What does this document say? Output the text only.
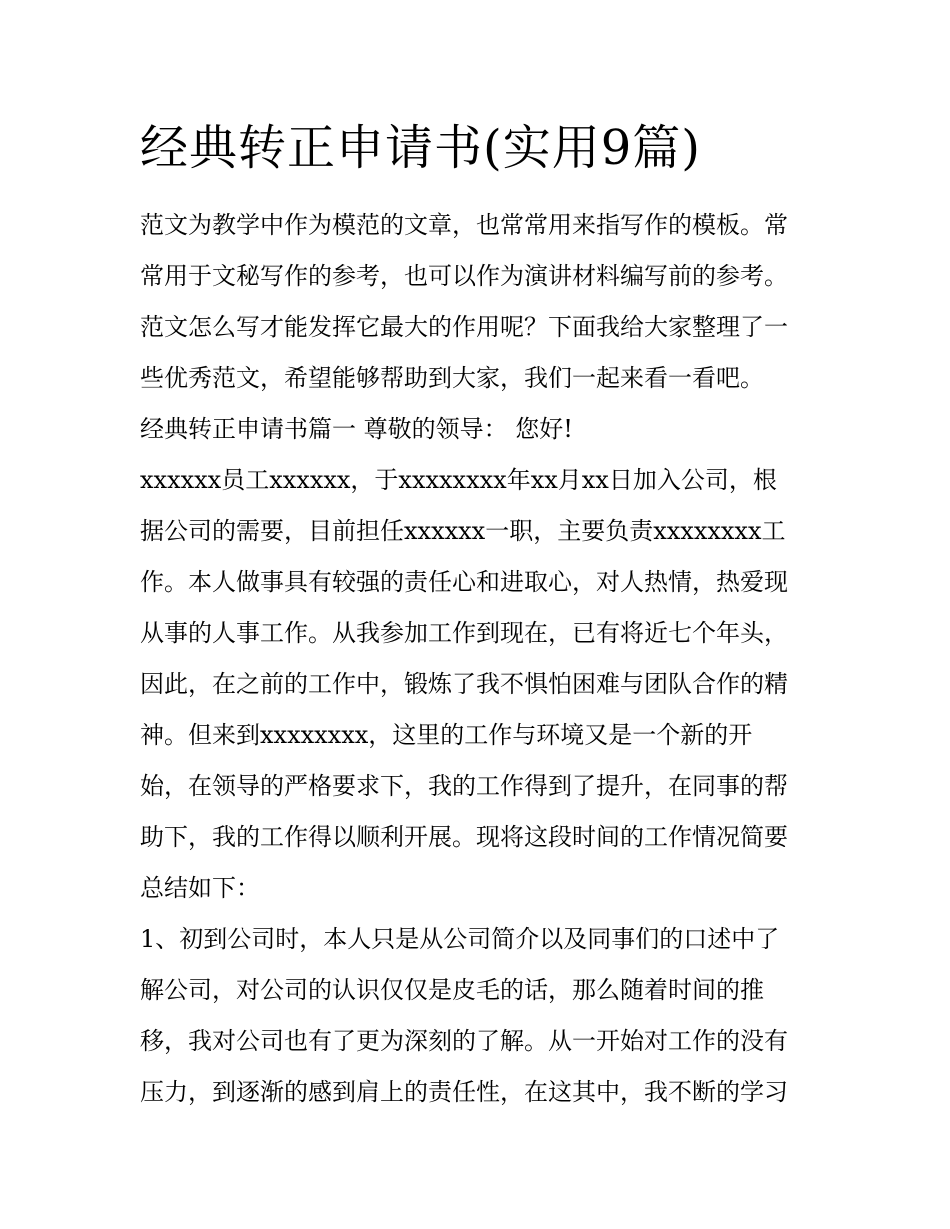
经典转正申请书(实用9篇)
范文为教学中作为模范的文章，也常常用来指写作的模板。常
常用于文秘写作的参考，也可以作为演讲材料编写前的参考。
范文怎么写才能发挥它最大的作用呢？下面我给大家整理了一
些优秀范文，希望能够帮助到大家，我们一起来看一看吧。
经典转正申请书篇一 尊敬的领导： 您好!
xxxxxx员工xxxxxx，于xxxxxxxx年xx月xx日加入公司，根
据公司的需要，目前担任xxxxxx一职，主要负责xxxxxxxx工
作。本人做事具有较强的责任心和进取心，对人热情，热爱现
从事的人事工作。从我参加工作到现在，已有将近七个年头，
因此，在之前的工作中，锻炼了我不惧怕困难与团队合作的精
神。但来到xxxxxxxx，这里的工作与环境又是一个新的开
始，在领导的严格要求下，我的工作得到了提升，在同事的帮
助下，我的工作得以顺利开展。现将这段时间的工作情况简要
总结如下：
1、初到公司时，本人只是从公司简介以及同事们的口述中了
解公司，对公司的认识仅仅是皮毛的话，那么随着时间的推
移，我对公司也有了更为深刻的了解。从一开始对工作的没有
压力，到逐渐的感到肩上的责任性，在这其中，我不断的学习
